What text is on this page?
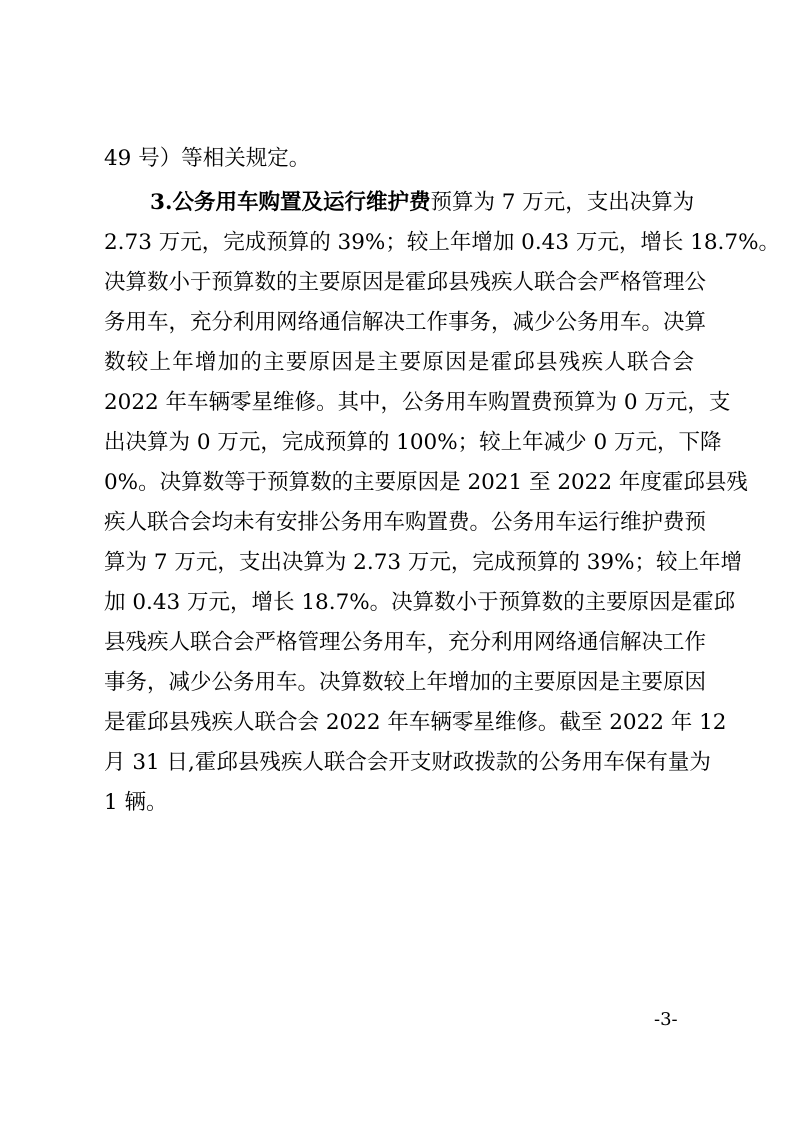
49 号）等相关规定。
3.公务用车购置及运行维护费预算为 7 万元，支出决算为
2.73 万元，完成预算的 39%；较上年增加 0.43 万元，增长 18.7%。
决算数小于预算数的主要原因是霍邱县残疾人联合会严格管理公
务用车，充分利用网络通信解决工作事务，减少公务用车。决算
数较上年增加的主要原因是主要原因是霍邱县残疾人联合会
2022 年车辆零星维修。其中，公务用车购置费预算为 0 万元，支
出决算为 0 万元，完成预算的 100%；较上年减少 0 万元，下降
0%。决算数等于预算数的主要原因是 2021 至 2022 年度霍邱县残
疾人联合会均未有安排公务用车购置费。公务用车运行维护费预
算为 7 万元，支出决算为 2.73 万元，完成预算的 39%；较上年增
加 0.43 万元，增长 18.7%。决算数小于预算数的主要原因是霍邱
县残疾人联合会严格管理公务用车，充分利用网络通信解决工作
事务，减少公务用车。决算数较上年增加的主要原因是主要原因
是霍邱县残疾人联合会 2022 年车辆零星维修。截至 2022 年 12
月 31 日,霍邱县残疾人联合会开支财政拨款的公务用车保有量为
1 辆。
-3-
